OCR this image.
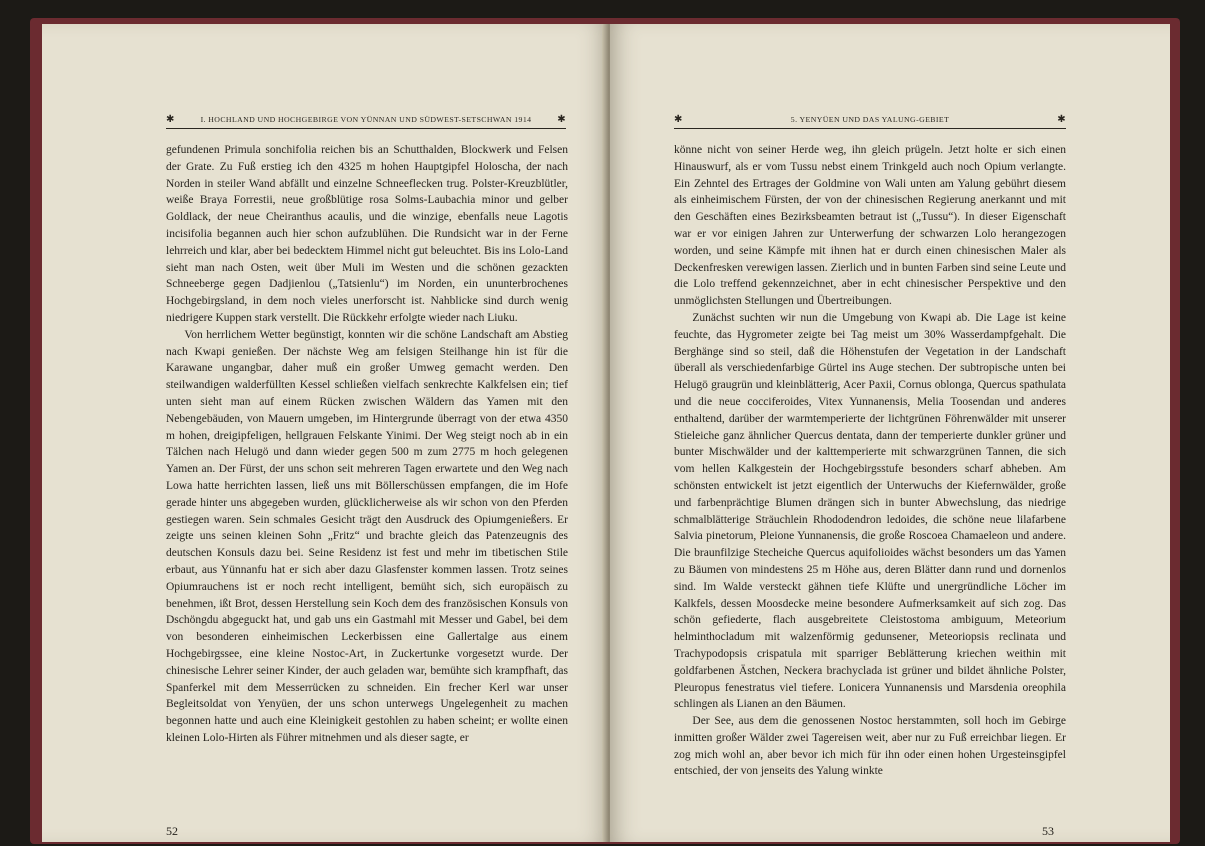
✱	I. HOCHLAND UND HOCHGEBIRGE VON YÜNNAN UND SÜDWEST-SETSCHWAN 1914	✱

gefundenen Primula sonchifolia reichen bis an Schutthalden, Blockwerk und Felsen der Grate. Zu Fuß erstieg ich den 4325 m hohen Hauptgipfel Holoscha, der nach Norden in steiler Wand abfällt und einzelne Schneeflecken trug. Polster-Kreuzblütler, weiße Braya Forrestii, neue großblütige rosa Solms-Laubachia minor und gelber Goldlack, der neue Cheiranthus acaulis, und die winzige, ebenfalls neue Lagotis incisifolia begannen auch hier schon aufzublühen. Die Rundsicht war in der Ferne lehrreich und klar, aber bei bedecktem Himmel nicht gut beleuchtet. Bis ins Lolo-Land sieht man nach Osten, weit über Muli im Westen und die schönen gezackten Schneeberge gegen Dadjienlou („Tatsienlu“) im Norden, ein ununterbrochenes Hochgebirgsland, in dem noch vieles unerforscht ist. Nahblicke sind durch wenig niedrigere Kuppen stark verstellt. Die Rückkehr erfolgte wieder nach Liuku.

Von herrlichem Wetter begünstigt, konnten wir die schöne Landschaft am Abstieg nach Kwapi genießen. Der nächste Weg am felsigen Steilhange hin ist für die Karawane ungangbar, daher muß ein großer Umweg gemacht werden. Den steilwandigen walderfüllten Kessel schließen vielfach senkrechte Kalkfelsen ein; tief unten sieht man auf einem Rücken zwischen Wäldern das Yamen mit den Nebengebäuden, von Mauern umgeben, im Hintergrunde überragt von der etwa 4350 m hohen, dreigipfeligen, hellgrauen Felskante Yinimi. Der Weg steigt noch ab in ein Tälchen nach Helugö und dann wieder gegen 500 m zum 2775 m hoch gelegenen Yamen an. Der Fürst, der uns schon seit mehreren Tagen erwartete und den Weg nach Lowa hatte herrichten lassen, ließ uns mit Böllerschüssen empfangen, die im Hofe gerade hinter uns abgegeben wurden, glücklicherweise als wir schon von den Pferden gestiegen waren. Sein schmales Gesicht trägt den Ausdruck des Opiumgenießers. Er zeigte uns seinen kleinen Sohn „Fritz“ und brachte gleich das Patenzeugnis des deutschen Konsuls dazu bei. Seine Residenz ist fest und mehr im tibetischen Stile erbaut, aus Yünnanfu hat er sich aber dazu Glasfenster kommen lassen. Trotz seines Opiumrauchens ist er noch recht intelligent, bemüht sich, sich europäisch zu benehmen, ißt Brot, dessen Herstellung sein Koch dem des französischen Konsuls von Dschöngdu abgeguckt hat, und gab uns ein Gastmahl mit Messer und Gabel, bei dem von besonderen einheimischen Leckerbissen eine Gallertalge aus einem Hochgebirgssee, eine kleine Nostoc-Art, in Zuckertunke vorgesetzt wurde. Der chinesische Lehrer seiner Kinder, der auch geladen war, bemühte sich krampfhaft, das Spanferkel mit dem Messerrücken zu schneiden. Ein frecher Kerl war unser Begleitsoldat von Yenyüen, der uns schon unterwegs Ungelegenheit zu machen begonnen hatte und auch eine Kleinigkeit gestohlen zu haben scheint; er wollte einen kleinen Lolo-Hirten als Führer mitnehmen und als dieser sagte, er

52
✱	5. YENYÜEN UND DAS YALUNG-GEBIET	✱

könne nicht von seiner Herde weg, ihn gleich prügeln. Jetzt holte er sich einen Hinauswurf, als er vom Tussu nebst einem Trinkgeld auch noch Opium verlangte. Ein Zehntel des Ertrages der Goldmine von Wali unten am Yalung gebührt diesem als einheimischem Fürsten, der von der chinesischen Regierung anerkannt und mit den Geschäften eines Bezirksbeamten betraut ist („Tussu“). In dieser Eigenschaft war er vor einigen Jahren zur Unterwerfung der schwarzen Lolo herangezogen worden, und seine Kämpfe mit ihnen hat er durch einen chinesischen Maler als Deckenfresken verewigen lassen. Zierlich und in bunten Farben sind seine Leute und die Lolo treffend gekennzeichnet, aber in echt chinesischer Perspektive und den unmöglichsten Stellungen und Übertreibungen.

Zunächst suchten wir nun die Umgebung von Kwapi ab. Die Lage ist keine feuchte, das Hygrometer zeigte bei Tag meist um 30% Wasserdampfgehalt. Die Berghänge sind so steil, daß die Höhenstufen der Vegetation in der Landschaft überall als verschiedenfarbige Gürtel ins Auge stechen. Der subtropische unten bei Helugö graugrün und kleinblätterig, Acer Paxii, Cornus oblonga, Quercus spathulata und die neue cocciferoides, Vitex Yunnanensis, Melia Toosendan und anderes enthaltend, darüber der warmtemperierte der lichtgrünen Föhrenwälder mit unserer Stieleiche ganz ähnlicher Quercus dentata, dann der temperierte dunkler grüner und bunter Mischwälder und der kalttemperierte mit schwarzgrünen Tannen, die sich vom hellen Kalkgestein der Hochgebirgsstufe besonders scharf abheben. Am schönsten entwickelt ist jetzt eigentlich der Unterwuchs der Kiefernwälder, große und farbenprächtige Blumen drängen sich in bunter Abwechslung, das niedrige schmalblätterige Sträuchlein Rhododendron ledoides, die schöne neue lilafarbene Salvia pinetorum, Pleione Yunnanensis, die große Roscoea Chamaeleon und andere. Die braunfilzige Stecheiche Quercus aquifolioides wächst besonders um das Yamen zu Bäumen von mindestens 25 m Höhe aus, deren Blätter dann rund und dornenlos sind. Im Walde versteckt gähnen tiefe Klüfte und unergründliche Löcher im Kalkfels, dessen Moosdecke meine besondere Aufmerksamkeit auf sich zog. Das schön gefiederte, flach ausgebreitete Cleistostoma ambiguum, Meteorium helminthocladum mit walzenförmig gedunsener, Meteoriopsis reclinata und Trachypodopsis crispatula mit sparriger Beblätterung kriechen weithin mit goldfarbenen Ästchen, Neckera brachyclada ist grüner und bildet ähnliche Polster, Pleuropus fenestratus viel tiefere. Lonicera Yunnanensis und Marsdenia oreophila schlingen als Lianen an den Bäumen.

Der See, aus dem die genossenen Nostoc herstammten, soll hoch im Gebirge inmitten großer Wälder zwei Tagereisen weit, aber nur zu Fuß erreichbar liegen. Er zog mich wohl an, aber bevor ich mich für ihn oder einen hohen Urgesteinsgipfel entschied, der von jenseits des Yalung winkte

53
